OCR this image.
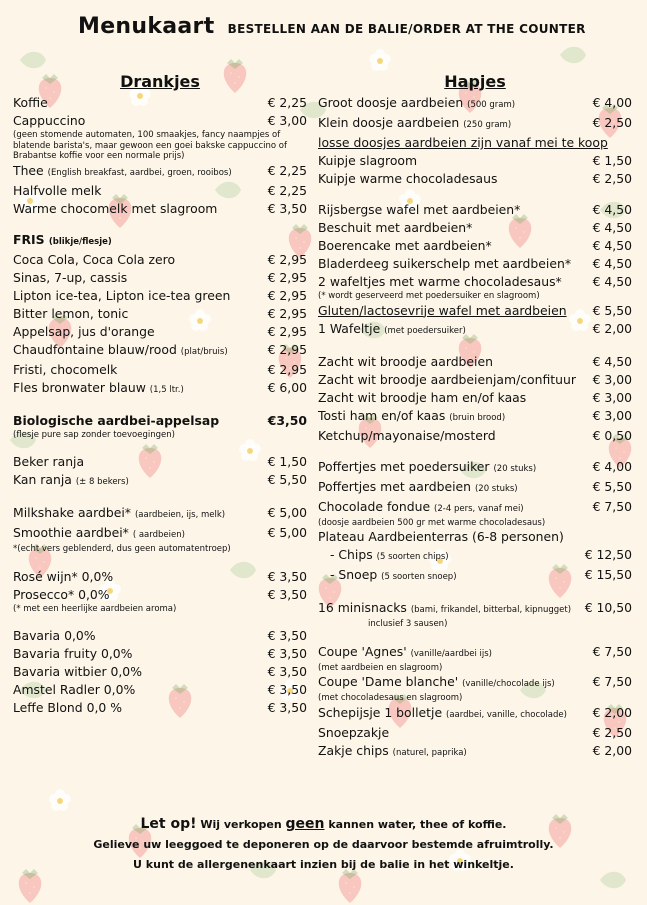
Menukaart BESTELLEN AAN DE BALIE/ORDER AT THE COUNTER
Drankjes
Koffie	€ 2,25
Cappuccino	€ 3,00
(geen stomende automaten, 100 smaakjes, fancy naampjes of blatende barista's, maar gewoon een goei bakske cappuccino of Brabantse koffie voor een normale prijs)
Thee (English breakfast, aardbei, groen, rooibos)	€ 2,25
Halfvolle melk	€ 2,25
Warme chocomelk met slagroom	€ 3,50
FRIS (blikje/flesje)
Coca Cola, Coca Cola zero	€ 2,95
Sinas, 7-up, cassis	€ 2,95
Lipton ice-tea, Lipton ice-tea green	€ 2,95
Bitter lemon, tonic	€ 2,95
Appelsap, jus d'orange	€ 2,95
Chaudfontaine blauw/rood (plat/bruis)	€ 2,95
Fristi, chocomelk	€ 2,95
Fles bronwater blauw (1,5 ltr.)	€ 6,00
Biologische aardbei-appelsap	€3,50
(flesje pure sap zonder toevoegingen)
Beker ranja	€ 1,50
Kan ranja (± 8 bekers)	€ 5,50
Milkshake aardbei* (aardbeien, ijs, melk)	€ 5,00
Smoothie aardbei* ( aardbeien)	€ 5,00
*(echt vers geblenderd, dus geen automatentroep)
Rosé wijn* 0,0%	€ 3,50
Prosecco* 0,0%	€ 3,50
(* met een heerlijke aardbeien aroma)
Bavaria 0,0%	€ 3,50
Bavaria fruity 0,0%	€ 3,50
Bavaria witbier 0,0%	€ 3,50
Amstel Radler 0,0%	€ 3,50
Leffe Blond 0,0 %	€ 3,50
Hapjes
Groot doosje aardbeien (500 gram)	€ 4,00
Klein doosje aardbeien (250 gram)	€ 2,50
losse doosjes aardbeien zijn vanaf mei te koop
Kuipje slagroom	€ 1,50
Kuipje warme chocoladesaus	€ 2,50
Rijsbergse wafel met aardbeien*	€ 4,50
Beschuit met aardbeien*	€ 4,50
Boerencake met aardbeien*	€ 4,50
Bladerdeeg suikerschelp met aardbeien* € 4,50
2 wafeltjes met warme chocoladesaus* € 4,50
(* wordt geserveerd met poedersuiker en slagroom)
Gluten/lactosevrije wafel met aardbeien € 5,50
1 Wafeltje (met poedersuiker)	€ 2,00
Zacht wit broodje aardbeien	€ 4,50
Zacht wit broodje aardbeienjam/confituur € 3,00
Zacht wit broodje ham en/of kaas	€ 3,00
Tosti ham en/of kaas (bruin brood)	€ 3,00
Ketchup/mayonaise/mosterd	€ 0,50
Poffertjes met poedersuiker (20 stuks)	€ 4,00
Poffertjes met aardbeien (20 stuks)	€ 5,50
Chocolade fondue (2-4 pers, vanaf mei)	€ 7,50
(doosje aardbeien 500 gr met warme chocoladesaus)
Plateau Aardbeienterras (6-8 personen)
- Chips (5 soorten chips)	€ 12,50
- Snoep (5 soorten snoep)	€ 15,50
16 minisnacks (bami, frikandel, bitterbal, kipnugget) € 10,50
inclusief 3 sausen)
Coupe 'Agnes' (vanille/aardbei ijs)	€ 7,50
(met aardbeien en slagroom)
Coupe 'Dame blanche' (vanille/chocolade ijs)	€ 7,50
(met chocoladesaus en slagroom)
Schepijsje 1 bolletje (aardbei, vanille, chocolade) € 2,00
Snoepzakje	€ 2,50
Zakje chips (naturel, paprika)	€ 2,00
Let op! Wij verkopen geen kannen water, thee of koffie.
Gelieve uw leeggoed te deponeren op de daarvoor bestemde afruimtrolly.
U kunt de allergenenkaart inzien bij de balie in het winkeltje.
